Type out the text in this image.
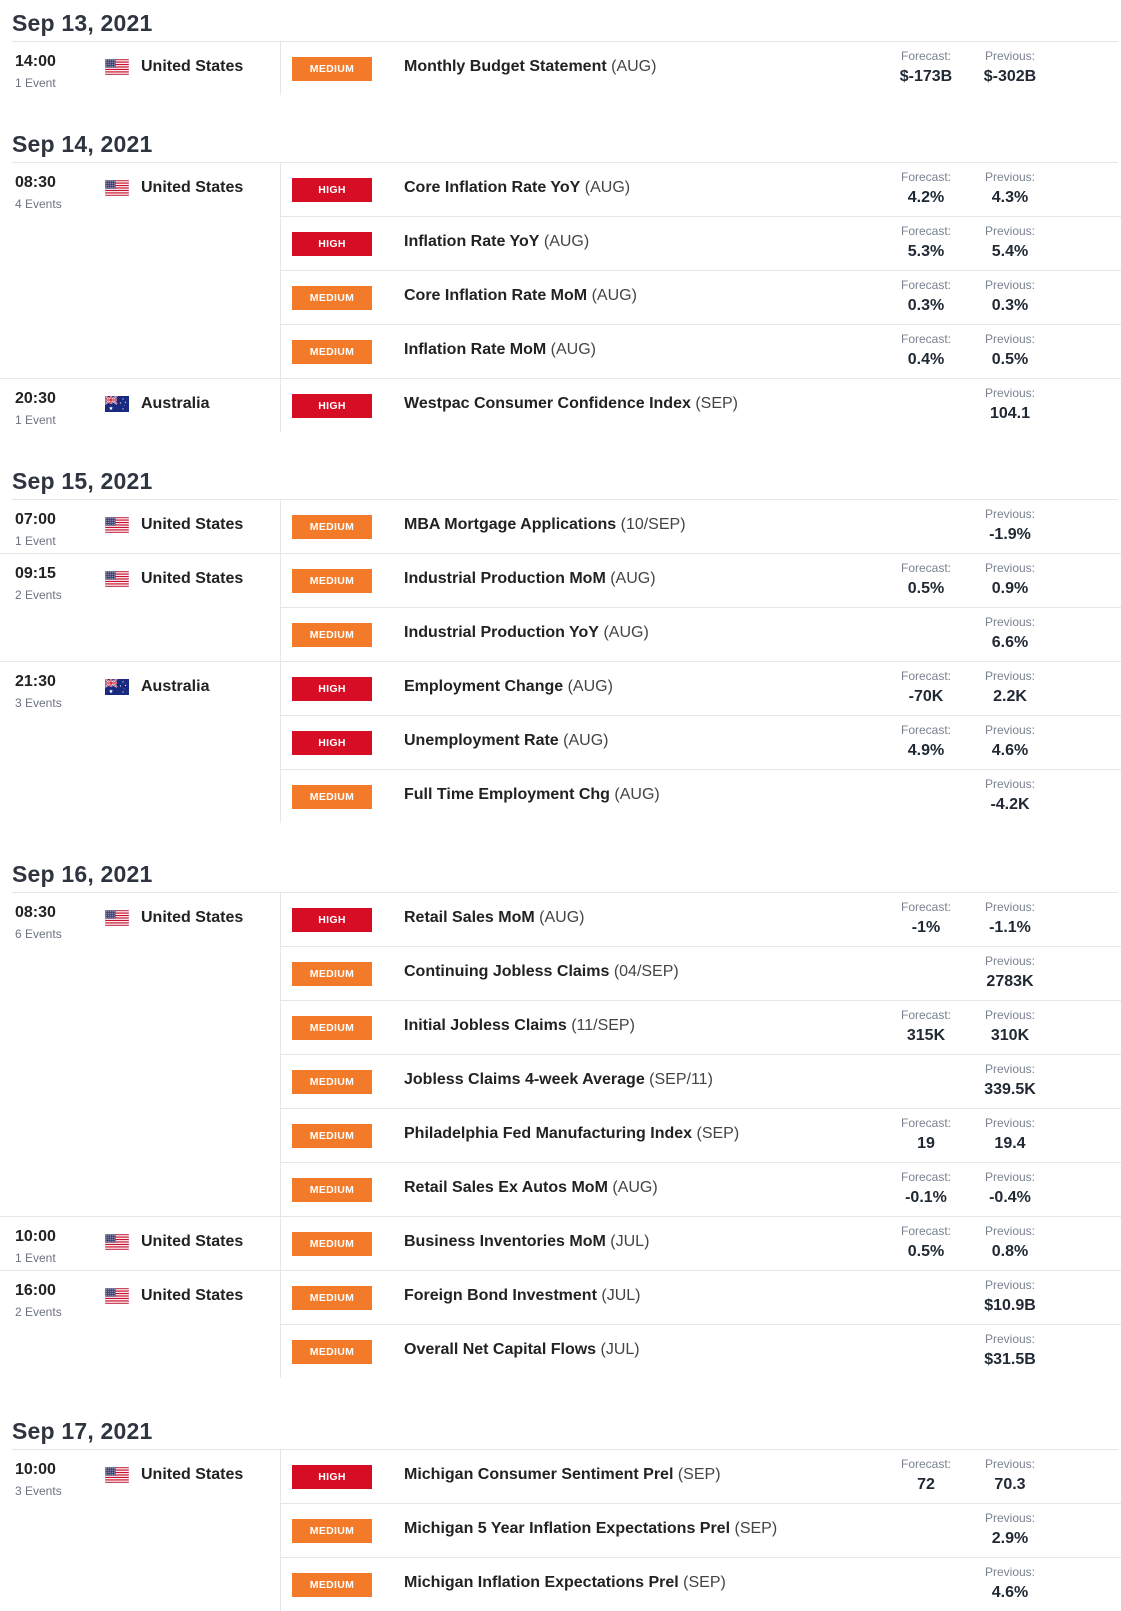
Sep 13, 2021
14:00
1 Event
United States	MEDIUM	Monthly Budget Statement (AUG)
Forecast:
$-173B
Previous:
$-302B
Sep 14, 2021
08:30
4 Events
United States	HIGH	Core Inflation Rate YoY (AUG)
Forecast:
4.2%
Previous:
4.3%
HIGH	Inflation Rate YoY (AUG)
Forecast:
5.3%
Previous:
5.4%
MEDIUM	Core Inflation Rate MoM (AUG)
Forecast:
0.3%
Previous:
0.3%
MEDIUM	Inflation Rate MoM (AUG)
Forecast:
0.4%
Previous:
0.5%
20:30
1 Event
Australia	HIGH	Westpac Consumer Confidence Index (SEP)
Previous:
104.1
Sep 15, 2021
07:00
1 Event
United States	MEDIUM	MBA Mortgage Applications (10/SEP)
Previous:
-1.9%
09:15
2 Events
United States	MEDIUM	Industrial Production MoM (AUG)
Forecast:
0.5%
Previous:
0.9%
MEDIUM	Industrial Production YoY (AUG)
Previous:
6.6%
21:30
3 Events
Australia	HIGH	Employment Change (AUG)
Forecast:
-70K
Previous:
2.2K
HIGH	Unemployment Rate (AUG)
Forecast:
4.9%
Previous:
4.6%
MEDIUM	Full Time Employment Chg (AUG)
Previous:
-4.2K
Sep 16, 2021
08:30
6 Events
United States	HIGH	Retail Sales MoM (AUG)
Forecast:
-1%
Previous:
-1.1%
MEDIUM	Continuing Jobless Claims (04/SEP)
Previous:
2783K
MEDIUM	Initial Jobless Claims (11/SEP)
Forecast:
315K
Previous:
310K
MEDIUM	Jobless Claims 4-week Average (SEP/11)
Previous:
339.5K
MEDIUM	Philadelphia Fed Manufacturing Index (SEP)
Forecast:
19
Previous:
19.4
MEDIUM	Retail Sales Ex Autos MoM (AUG)
Forecast:
-0.1%
Previous:
-0.4%
10:00
1 Event
United States	MEDIUM	Business Inventories MoM (JUL)
Forecast:
0.5%
Previous:
0.8%
16:00
2 Events
United States	MEDIUM	Foreign Bond Investment (JUL)
Previous:
$10.9B
MEDIUM	Overall Net Capital Flows (JUL)
Previous:
$31.5B
Sep 17, 2021
10:00
3 Events
United States	HIGH	Michigan Consumer Sentiment Prel (SEP)
Forecast:
72
Previous:
70.3
MEDIUM	Michigan 5 Year Inflation Expectations Prel (SEP)
Previous:
2.9%
MEDIUM	Michigan Inflation Expectations Prel (SEP)
Previous:
4.6%
